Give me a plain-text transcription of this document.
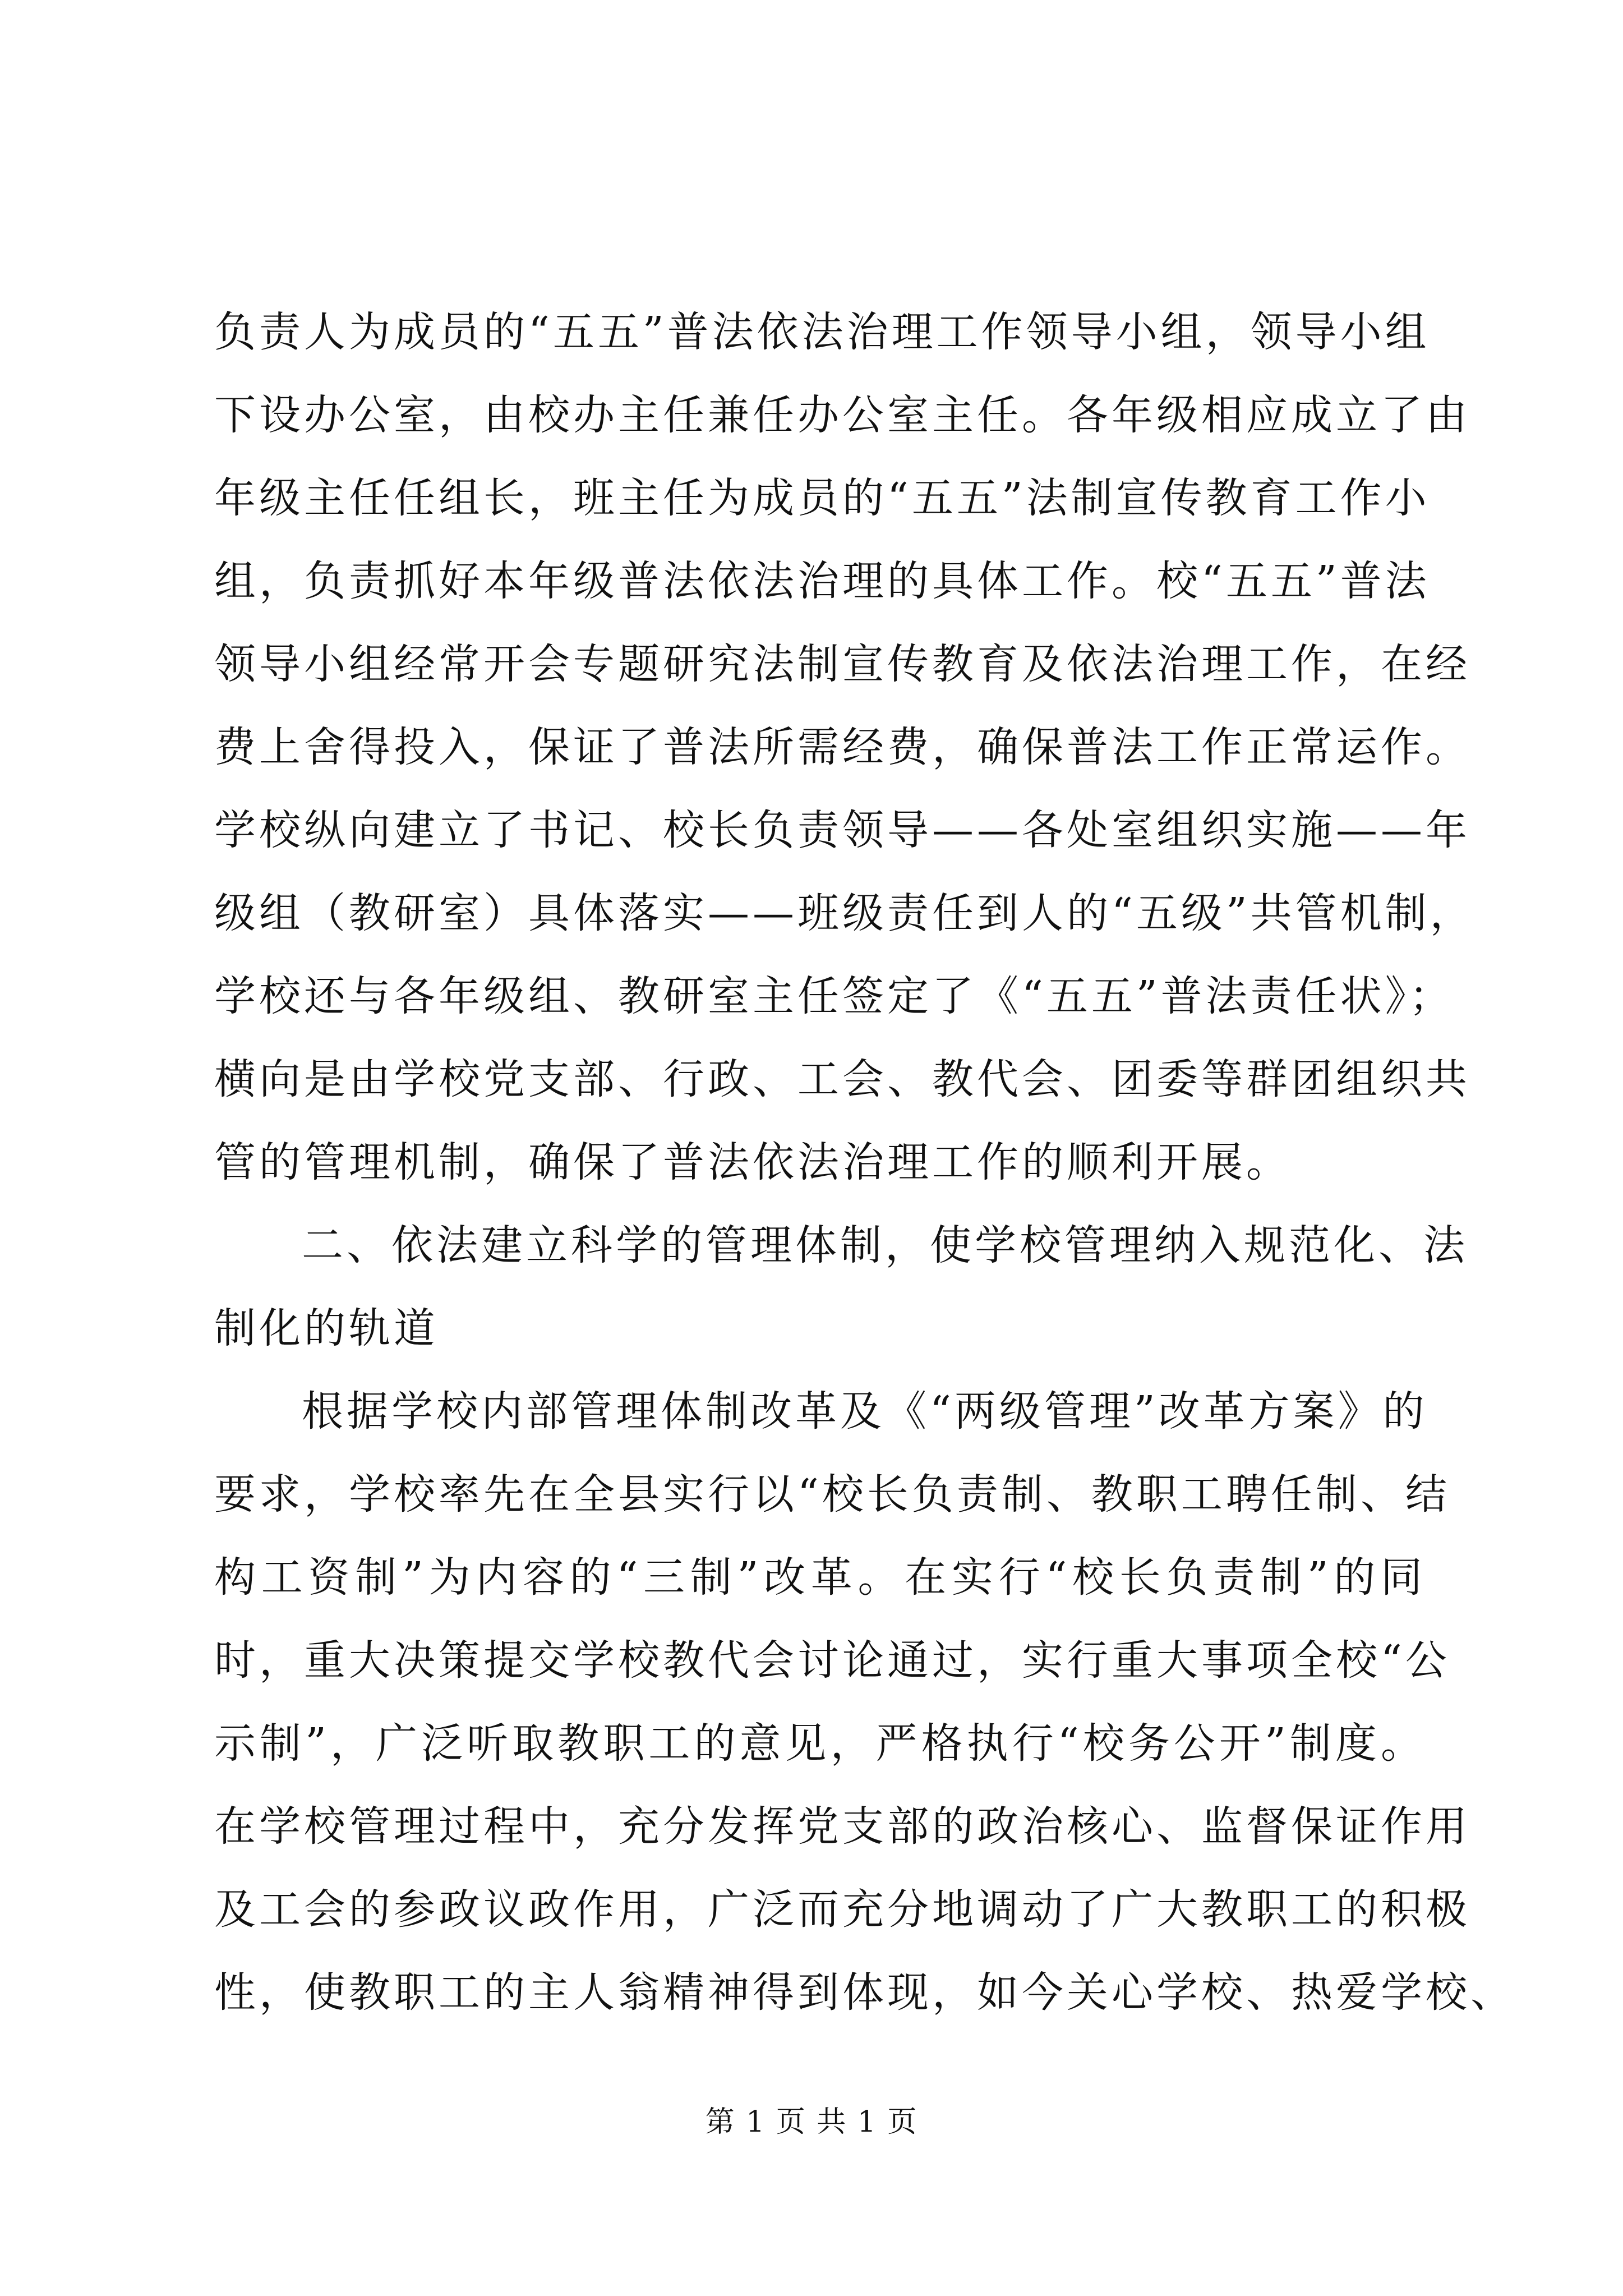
负责人为成员的“五五”普法依法治理工作领导小组，领导小组
下设办公室，由校办主任兼任办公室主任。各年级相应成立了由
年级主任任组长，班主任为成员的“五五”法制宣传教育工作小
组，负责抓好本年级普法依法治理的具体工作。校“五五”普法
领导小组经常开会专题研究法制宣传教育及依法治理工作，在经
费上舍得投入，保证了普法所需经费，确保普法工作正常运作。
学校纵向建立了书记、校长负责领导——各处室组织实施——年
级组（教研室）具体落实——班级责任到人的“五级”共管机制，
学校还与各年级组、教研室主任签定了《“五五”普法责任状》；
横向是由学校党支部、行政、工会、教代会、团委等群团组织共
管的管理机制，确保了普法依法治理工作的顺利开展。
二、依法建立科学的管理体制，使学校管理纳入规范化、法
制化的轨道
根据学校内部管理体制改革及《“两级管理”改革方案》的
要求，学校率先在全县实行以“校长负责制、教职工聘任制、结
构工资制”为内容的“三制”改革。在实行“校长负责制”的同
时，重大决策提交学校教代会讨论通过，实行重大事项全校“公
示制”，广泛听取教职工的意见，严格执行“校务公开”制度。
在学校管理过程中，充分发挥党支部的政治核心、监督保证作用
及工会的参政议政作用，广泛而充分地调动了广大教职工的积极
性，使教职工的主人翁精神得到体现，如今关心学校、热爱学校、
第 1 页 共 1 页
